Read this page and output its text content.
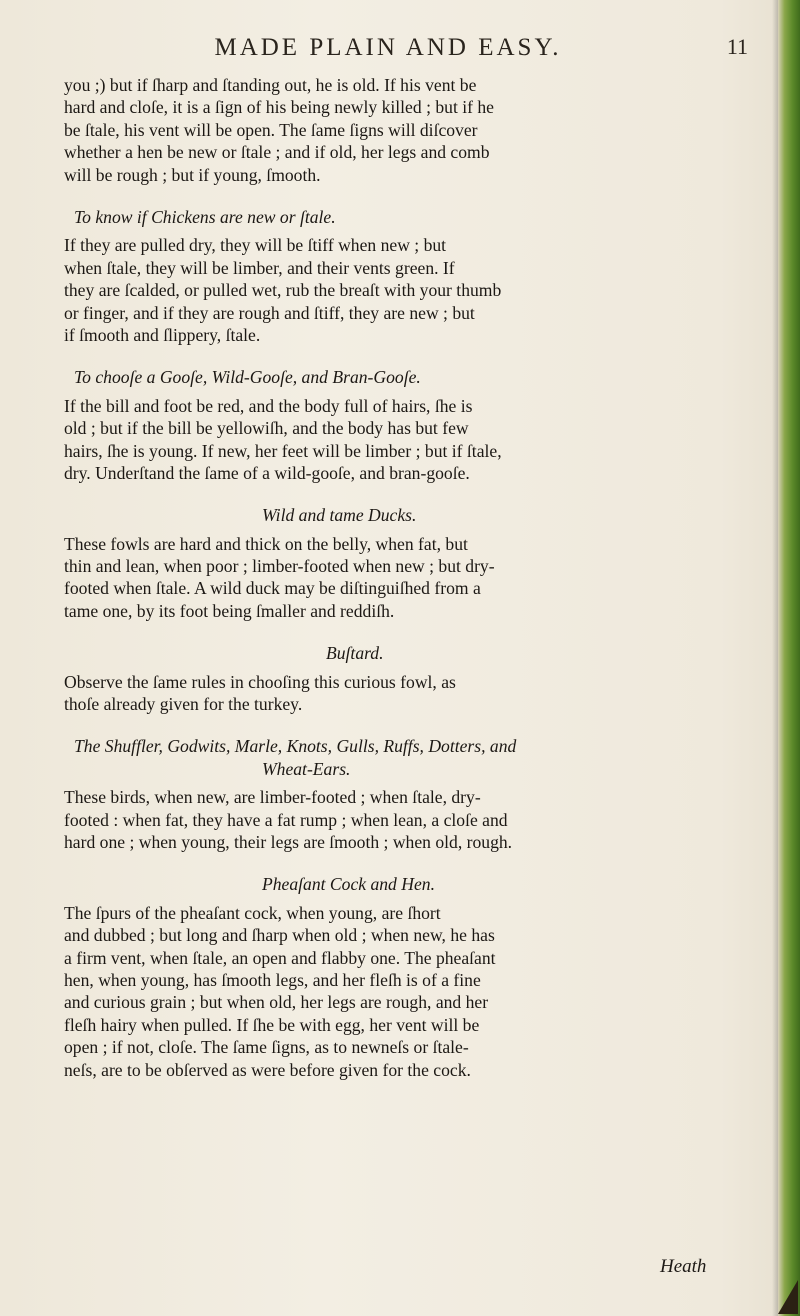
MADE PLAIN AND EASY.	11
you ;) but if ſharp and ſtanding out, he is old. If his vent be
hard and cloſe, it is a ſign of his being newly killed ; but if he
be ſtale, his vent will be open. The ſame ſigns will diſcover
whether a hen be new or ſtale ; and if old, her legs and comb
will be rough ; but if young, ſmooth.
To know if Chickens are new or ſtale.
If they are pulled dry, they will be ſtiff when new ; but
when ſtale, they will be limber, and their vents green. If
they are ſcalded, or pulled wet, rub the breaſt with your thumb
or finger, and if they are rough and ſtiff, they are new ; but
if ſmooth and ſlippery, ſtale.
To chooſe a Gooſe, Wild-Gooſe, and Bran-Gooſe.
If the bill and foot be red, and the body full of hairs, ſhe is
old ; but if the bill be yellowiſh, and the body has but few
hairs, ſhe is young. If new, her feet will be limber ; but if ſtale,
dry. Underſtand the ſame of a wild-gooſe, and bran-gooſe.
Wild and tame Ducks.
These fowls are hard and thick on the belly, when fat, but
thin and lean, when poor ; limber-footed when new ; but dry-
footed when ſtale. A wild duck may be diſtinguiſhed from a
tame one, by its foot being ſmaller and reddiſh.
Buſtard.
Observe the ſame rules in chooſing this curious fowl, as
thoſe already given for the turkey.
The Shuffler, Godwits, Marle, Knots, Gulls, Ruffs, Dotters, and
Wheat-Ears.
These birds, when new, are limber-footed ; when ſtale, dry-
footed : when fat, they have a fat rump ; when lean, a cloſe and
hard one ; when young, their legs are ſmooth ; when old, rough.
Pheaſant Cock and Hen.
The ſpurs of the pheaſant cock, when young, are ſhort
and dubbed ; but long and ſharp when old ; when new, he has
a firm vent, when ſtale, an open and flabby one. The pheaſant
hen, when young, has ſmooth legs, and her fleſh is of a fine
and curious grain ; but when old, her legs are rough, and her
fleſh hairy when pulled. If ſhe be with egg, her vent will be
open ; if not, cloſe. The ſame ſigns, as to newneſs or ſtale-
neſs, are to be obſerved as were before given for the cock.
Heath
